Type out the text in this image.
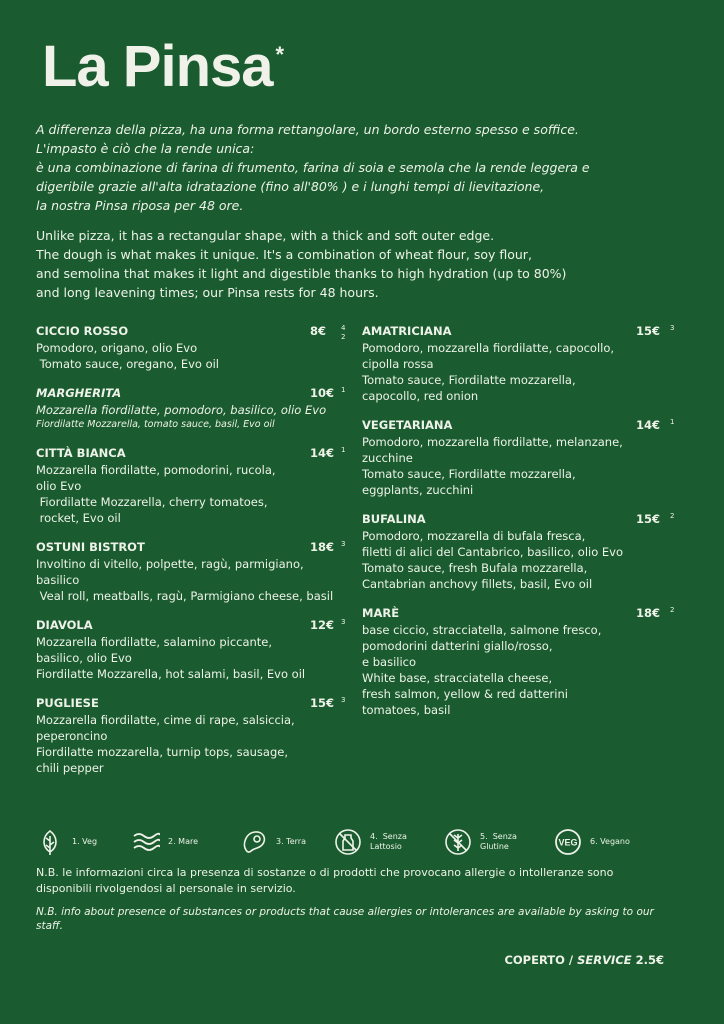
La Pinsa *

A differenza della pizza, ha una forma rettangolare, un bordo esterno spesso e soffice.

L'impasto è ciò che la rende unica:

è una combinazione di farina di frumento, farina di soia e semola che la rende leggera e

digeribile grazie all'alta idratazione (fino all'80% ) e i lunghi tempi di lievitazione,

la nostra Pinsa riposa per 48 ore.

Unlike pizza, it has a rectangular shape, with a thick and soft outer edge.

The dough is what makes it unique. It's a combination of wheat flour, soy flour,

and semolina that makes it light and digestible thanks to high hydration (up to 80%)

and long leavening times; our Pinsa rests for 48 hours.

CICCIO ROSSO	8€ 4
2
Pomodoro, origano, olio Evo
Tomato sauce, oregano, Evo oil
MARGHERITA	10€ 1
Mozzarella fiordilatte, pomodoro, basilico, olio Evo
Fiordilatte Mozzarella, tomato sauce, basil, Evo oil
CITTÀ BIANCA	14€ 1
Mozzarella fiordilatte, pomodorini, rucola,
olio Evo
Fiordilatte Mozzarella, cherry tomatoes,
rocket, Evo oil
OSTUNI BISTROT	18€ 3
Involtino di vitello, polpette, ragù, parmigiano,
basilico
Veal roll, meatballs, ragù, Parmigiano cheese, basil
DIAVOLA	12€ 3
Mozzarella fiordilatte, salamino piccante,
basilico, olio Evo
Fiordilatte Mozzarella, hot salami, basil, Evo oil
PUGLIESE	15€ 3
Mozzarella fiordilatte, cime di rape, salsiccia,
peperoncino
Fiordilatte mozzarella, turnip tops, sausage,
chili pepper
AMATRICIANA	15€ 3
Pomodoro, mozzarella fiordilatte, capocollo,
cipolla rossa
Tomato sauce, Fiordilatte mozzarella,
capocollo, red onion
VEGETARIANA	14€ 1
Pomodoro, mozzarella fiordilatte, melanzane,
zucchine
Tomato sauce, Fiordilatte mozzarella,
eggplants, zucchini
BUFALINA	15€ 2
Pomodoro, mozzarella di bufala fresca,
filetti di alici del Cantabrico, basilico, olio Evo
Tomato sauce, fresh Bufala mozzarella,
Cantabrian anchovy fillets, basil, Evo oil
MARÈ	18€ 2
base ciccio, stracciatella, salmone fresco,
pomodorini datterini giallo/rosso,
e basilico
White base, stracciatella cheese,
fresh salmon, yellow & red datterini
tomatoes, basil
1. Veg	2. Mare	3. Terra
4.  Senza
Lattosio
5.  Senza
Glutine	VEG 6. Vegano

N.B. le informazioni circa la presenza di sostanze o di prodotti che provocano allergie o intolleranze sono disponibili rivolgendosi al personale in servizio.

N.B. info about presence of substances or products that cause allergies or intolerances are available by asking to our staff.

COPERTO / SERVICE 2.5€
